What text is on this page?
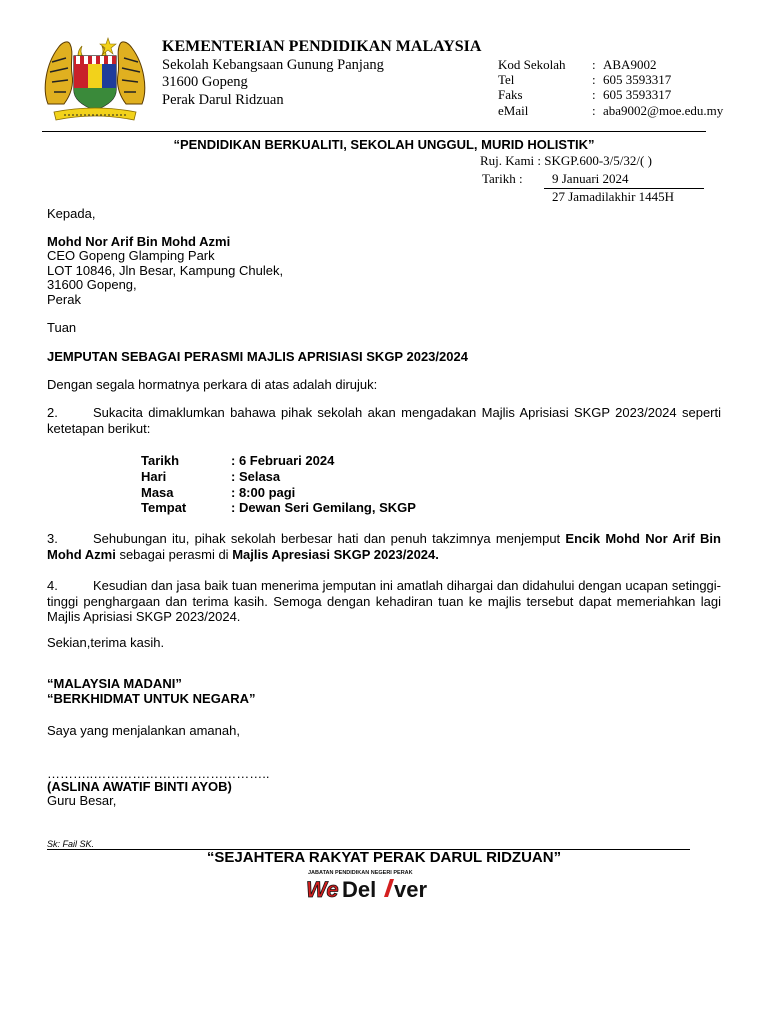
KEMENTERIAN PENDIDIKAN MALAYSIA
Sekolah Kebangsaan Gunung Panjang
31600 Gopeng
Perak Darul Ridzuan
Kod Sekolah : ABA9002
Tel	: 605 3593317
Faks	: 605 3593317
eMail	: aba9002@moe.edu.my
“PENDIDIKAN BERKUALITI, SEKOLAH UNGGUL, MURID HOLISTIK”
Ruj. Kami : SKGP.600-3/5/32/( )
Tarikh : 9 Januari 2024
27 Jamadilakhir 1445H
Kepada,
Mohd Nor Arif Bin Mohd Azmi
CEO Gopeng Glamping Park
LOT 10846, Jln Besar, Kampung Chulek,
31600 Gopeng,
Perak
Tuan
JEMPUTAN SEBAGAI PERASMI MAJLIS APRISIASI SKGP 2023/2024
Dengan segala hormatnya perkara di atas adalah dirujuk:
2.	Sukacita dimaklumkan bahawa pihak sekolah akan mengadakan Majlis Aprisiasi SKGP 2023/2024 seperti ketetapan berikut:
Tarikh	: 6 Februari 2024
Hari	: Selasa
Masa	: 8:00 pagi
Tempat	: Dewan Seri Gemilang, SKGP
3.	Sehubungan itu, pihak sekolah berbesar hati dan penuh takzimnya menjemput Encik Mohd Nor Arif Bin Mohd Azmi sebagai perasmi di Majlis Apresiasi SKGP 2023/2024.
4.	Kesudian dan jasa baik tuan menerima jemputan ini amatlah dihargai dan didahului dengan ucapan setinggi-tinggi penghargaan dan terima kasih. Semoga dengan kehadiran tuan ke majlis tersebut dapat memeriahkan lagi Majlis Aprisiasi SKGP 2023/2024.
Sekian,terima kasih.
“MALAYSIA MADANI”
“BERKHIDMAT UNTUK NEGARA”
Saya yang menjalankan amanah,
………..…………………………………..
(ASLINA AWATIF BINTI AYOB)
Guru Besar,
Sk: Fail SK.
“SEJAHTERA RAKYAT PERAK DARUL RIDZUAN”
JABATAN PENDIDIKAN NEGERI PERAK
We Del ver
